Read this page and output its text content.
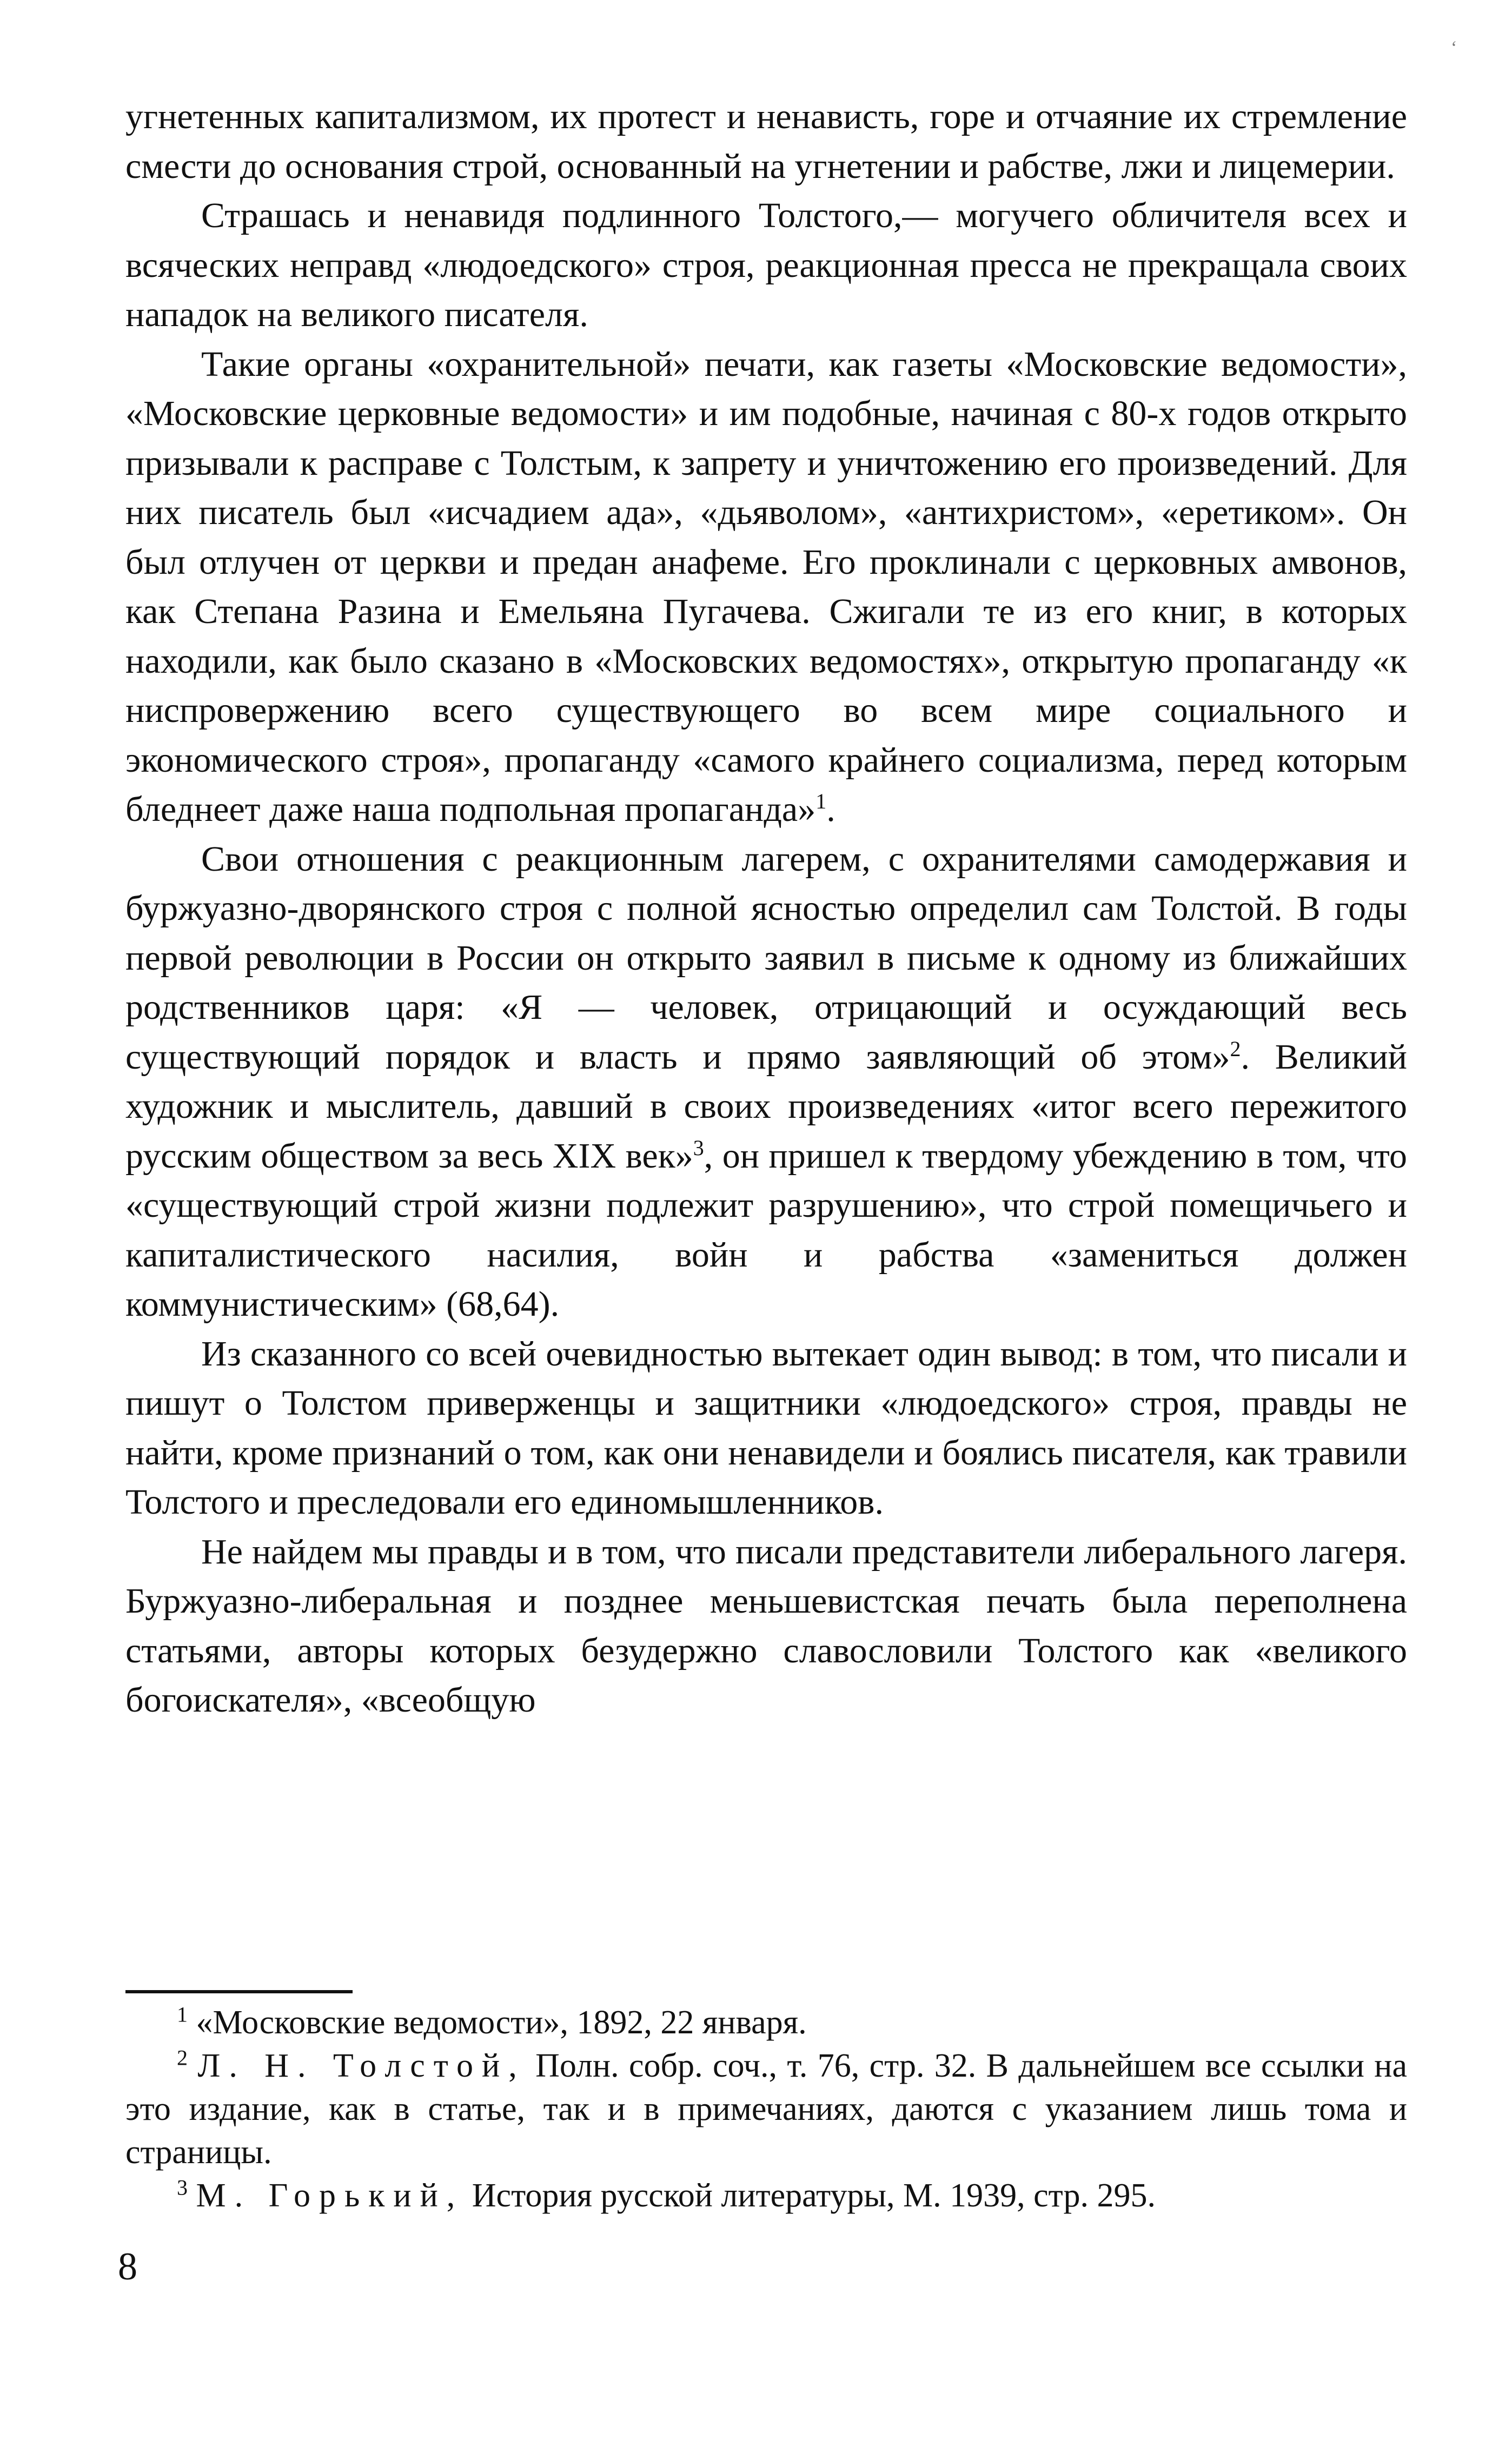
ʻ

угнетенных капитализмом, их протест и ненависть, горе и отчаяние их стремление смести до основания строй, основанный на угнетении и рабстве, лжи и лицемерии.

Страшась и ненавидя подлинного Толстого,— могучего обличителя всех и всяческих неправд «людоедского» строя, реакционная пресса не прекращала своих нападок на великого писателя.

Такие органы «охранительной» печати, как газеты «Московские ведомости», «Московские церковные ведомости» и им подобные, начиная с 80-х годов открыто призывали к расправе с Толстым, к запрету и уничтожению его произведений. Для них писатель был «исчадием ада», «дьяволом», «антихристом», «еретиком». Он был отлучен от церкви и предан анафеме. Его проклинали с церковных амвонов, как Степана Разина и Емельяна Пугачева. Сжигали те из его книг, в которых находили, как было сказано в «Московских ведомостях», открытую пропаганду «к ниспровержению всего существующего во всем мире социального и экономического строя», пропаганду «самого крайнего социализма, перед которым бледнеет даже наша подпольная пропаганда»$^1$.

Свои отношения с реакционным лагерем, с охранителями самодержавия и буржуазно-дворянского строя с полной ясностью определил сам Толстой. В годы первой революции в России он открыто заявил в письме к одному из ближайших родственников царя: «Я — человек, отрицающий и осуждающий весь существующий порядок и власть и прямо заявляющий об этом»$^2$. Великий художник и мыслитель, давший в своих произведениях «итог всего пережитого русским обществом за весь XIX век»$^3$, он пришел к твердому убеждению в том, что «существующий строй жизни подлежит разрушению», что строй помещичьего и капиталистического насилия, войн и рабства «замениться должен коммунистическим» (68,64).

Из сказанного со всей очевидностью вытекает один вывод: в том, что писали и пишут о Толстом приверженцы и защитники «людоедского» строя, правды не найти, кроме признаний о том, как они ненавидели и боялись писателя, как травили Толстого и преследовали его единомышленников.

Не найдем мы правды и в том, что писали представители либерального лагеря. Буржуазно-либеральная и позднее меньшевистская печать была переполнена статьями, авторы которых безудержно славословили Толстого как «великого богоискателя», «всеобщую

$^1$ «Московские ведомости», 1892, 22 января.

$^2$ Л. Н. Толстой, Полн. собр. соч., т. 76, стр. 32. В дальнейшем все ссылки на это издание, как в статье, так и в примечаниях, даются с указанием лишь тома и страницы.

$^3$ М. Горький, История русской литературы, М. 1939, стр. 295.

8
